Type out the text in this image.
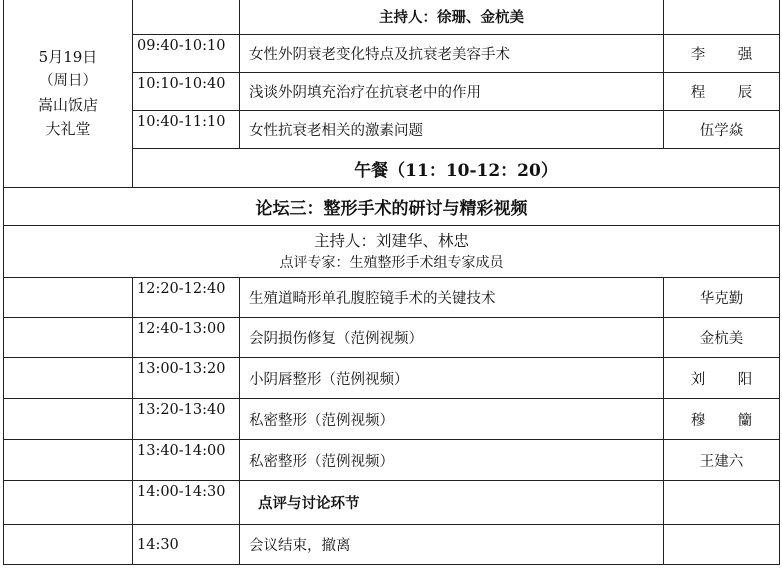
5月19日
（周日）
嵩山饭店
大礼堂		主持人：徐珊、金杭美	
	09:40-10:10	女性外阴衰老变化特点及抗衰老美容手术	李 强
	10:10-10:40	浅谈外阴填充治疗在抗衰老中的作用	程 辰
	10:40-11:10	女性抗衰老相关的激素问题	伍学焱
	午餐（11：10-12：20）		
论坛三：整形手术的研讨与精彩视频			

主持人：刘建华、林忠
点评专家：生殖整形手术组专家成员			

	12:20-12:40	生殖道畸形单孔腹腔镜手术的关键技术	华克勤
	12:40-13:00	会阴损伤修复（范例视频）	金杭美
	13:00-13:20	小阴唇整形（范例视频）	刘 阳
	13:20-13:40	私密整形（范例视频）	穆 籣
	13:40-14:00	私密整形（范例视频）	王建六
	14:00-14:30	点评与讨论环节	
	14:30	会议结束，撤离	
